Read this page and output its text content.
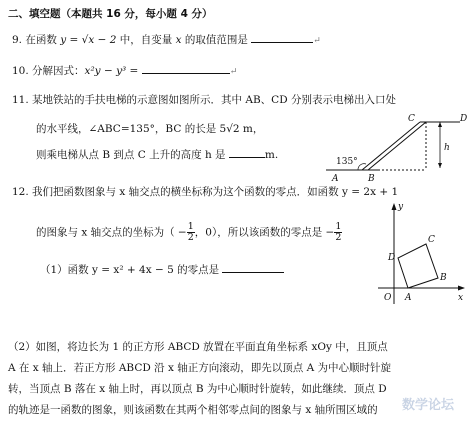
二、填空题（本题共 16 分，每小题 4 分）
9. 在函数 y = √x − 2 中，自变量 x 的取值范围是	↵
10. 分解因式：x²y − y³ =	↵
11. 某地铁站的手扶电梯的示意图如图所示．其中 AB、CD 分别表示电梯出入口处
的水平线，∠ABC=135°，BC 的长是 5√2 m，
则乘电梯从点 B 到点 C 上升的高度 h 是	m.
135°
A	B
C	D
h
12. 我们把函数图象与 x 轴交点的横坐标称为这个函数的零点．如函数 y = 2x + 1
的图象与 x 轴交点的坐标为（ − $\frac{1}{2}$ ，0），所以该函数的零点是 − $\frac{1}{2}$
（1）函数 y = x² + 4x − 5 的零点是
y
x
O A
B
C
D
（2）如图，将边长为 1 的正方形 ABCD 放置在平面直角坐标系 xOy 中，且顶点
A 在 x 轴上．若正方形 ABCD 沿 x 轴正方向滚动，即先以顶点 A 为中心顺时针旋
转，当顶点 B 落在 x 轴上时，再以顶点 B 为中心顺时针旋转，如此继续．顶点 D
的轨迹是一函数的图象，则该函数在其两个相邻零点间的图象与 x 轴所围区域的 数学论坛
